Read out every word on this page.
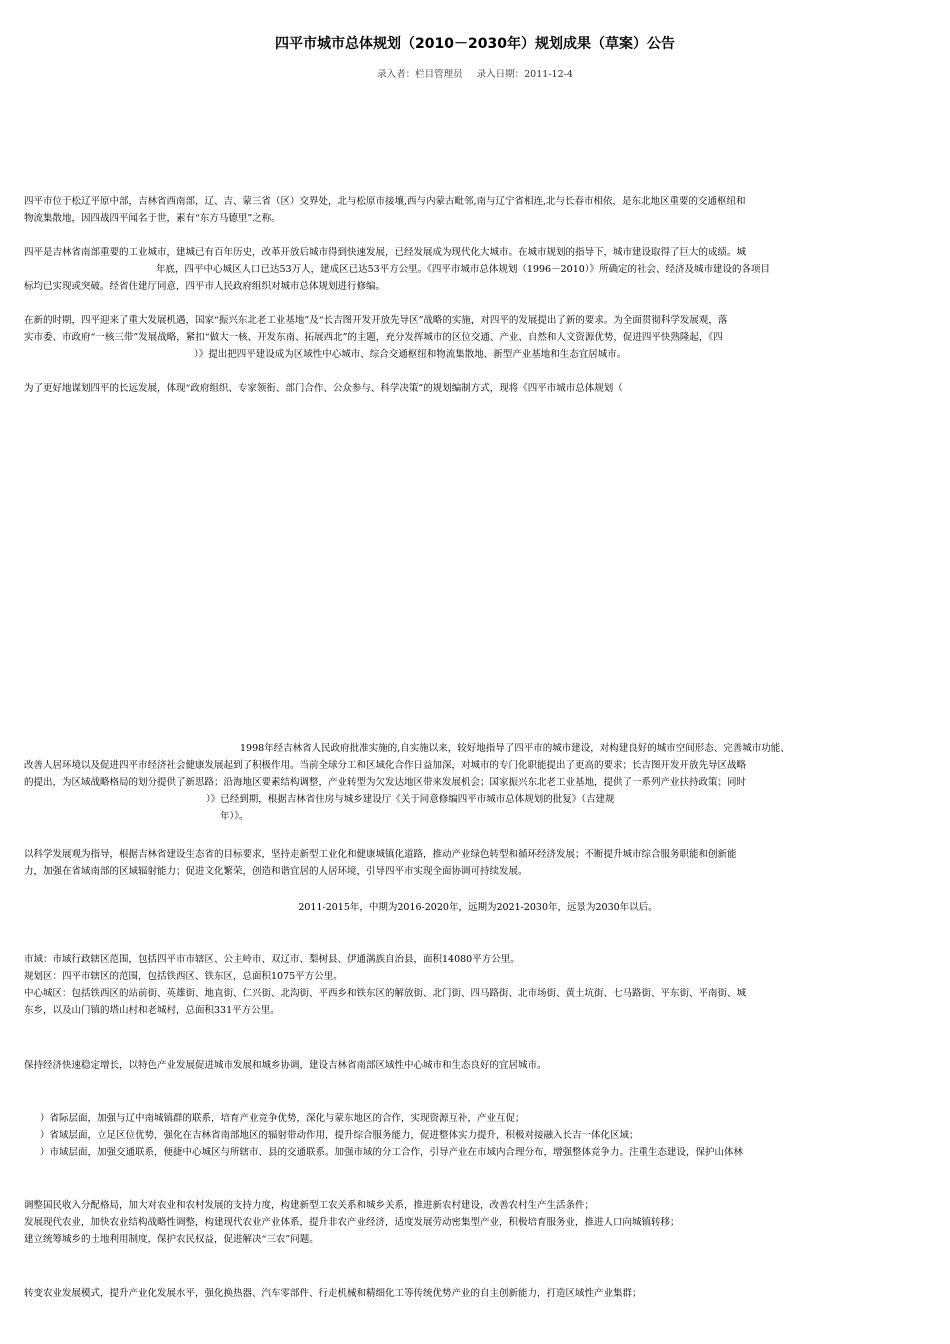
四平市城市总体规划（2010－2030年）规划成果（草案）公告
录入者：栏目管理员 录入日期：2011-12-4
四平市位于松辽平原中部，吉林省西南部，辽、吉、蒙三省（区）交界处，北与松原市接壤,西与内蒙古毗邻,南与辽宁省相连,北与长春市相依，是东北地区重要的交通枢纽和
物流集散地，因四战四平闻名于世，素有“东方马德里”之称。
四平是吉林省南部重要的工业城市，建城已有百年历史，改革开放后城市得到快速发展，已经发展成为现代化大城市。在城市规划的指导下，城市建设取得了巨大的成绩。城
年底，四平中心城区人口已达53万人，建成区已达53平方公里。《四平市城市总体规划（1996－2010）》所确定的社会、经济及城市建设的各项目
标均已实现或突破。经省住建厅同意，四平市人民政府组织对城市总体规划进行修编。
在新的时期，四平迎来了重大发展机遇，国家“振兴东北老工业基地”及“长吉图开发开放先导区”战略的实施，对四平的发展提出了新的要求。为全面贯彻科学发展观，落
实市委、市政府“一核三带”发展战略，紧扣“做大一核、开发东南、拓展西北”的主题，充分发挥城市的区位交通、产业、自然和人文资源优势，促进四平快熟隆起，《四
）》提出把四平建设成为区域性中心城市、综合交通枢纽和物流集散地、新型产业基地和生态宜居城市。
为了更好地谋划四平的长远发展，体现“政府组织、专家领衔、部门合作、公众参与、科学决策”的规划编制方式，现将《四平市城市总体规划（
1998年经吉林省人民政府批准实施的,自实施以来，较好地指导了四平市的城市建设，对构建良好的城市空间形态、完善城市功能、
改善人居环境以及促进四平市经济社会健康发展起到了积极作用。当前全球分工和区域化合作日益加深，对城市的专门化职能提出了更高的要求；长吉图开发开放先导区战略
的提出，为区域战略格局的划分提供了新思路；沿海地区要素结构调整，产业转型为欠发达地区带来发展机会；国家振兴东北老工业基地，提供了一系列产业扶持政策；同时
）》已经到期，根据吉林省住房与城乡建设厅《关于同意修编四平市城市总体规划的批复》（吉建规
年）》。
以科学发展观为指导，根据吉林省建设生态省的目标要求，坚持走新型工业化和健康城镇化道路，推动产业绿色转型和循环经济发展；不断提升城市综合服务职能和创新能
力，加强在省域南部的区域辐射能力；促进文化繁荣，创造和谐宜居的人居环境，引导四平市实现全面协调可持续发展。
2011-2015年，中期为2016-2020年，远期为2021-2030年，远景为2030年以后。
市域：市域行政辖区范围，包括四平市市辖区、公主岭市、双辽市、梨树县、伊通满族自治县，面积14080平方公里。
规划区：四平市辖区的范围，包括铁西区、铁东区，总面积1075平方公里。
中心城区：包括铁西区的站前街、英雄街、地直街、仁兴街、北沟街、平西乡和铁东区的解放街、北门街、四马路街、北市场街、黄土坑街、七马路街、平东街、平南街、城
东乡，以及山门镇的塔山村和老城村，总面积331平方公里。
保持经济快速稳定增长，以特色产业发展促进城市发展和城乡协调，建设吉林省南部区域性中心城市和生态良好的宜居城市。
）省际层面，加强与辽中南城镇群的联系，培育产业竞争优势，深化与蒙东地区的合作，实现资源互补，产业互促；
）省域层面，立足区位优势，强化在吉林省南部地区的辐射带动作用，提升综合服务能力，促进整体实力提升，积极对接融入长吉一体化区域；
）市域层面，加强交通联系，便捷中心城区与所辖市、县的交通联系。加强市域的分工合作，引导产业在市域内合理分布，增强整体竞争力。注重生态建设，保护山体林
调整国民收入分配格局，加大对农业和农村发展的支持力度，构建新型工农关系和城乡关系，推进新农村建设，改善农村生产生活条件；
发展现代农业，加快农业结构战略性调整，构建现代农业产业体系，提升非农产业经济，适度发展劳动密集型产业，积极培育服务业，推进人口向城镇转移；
建立统筹城乡的土地利用制度，保护农民权益，促进解决“三农”问题。
转变农业发展模式，提升产业化发展水平，强化换热器、汽车零部件、行走机械和精细化工等传统优势产业的自主创新能力，打造区域性产业集群；
